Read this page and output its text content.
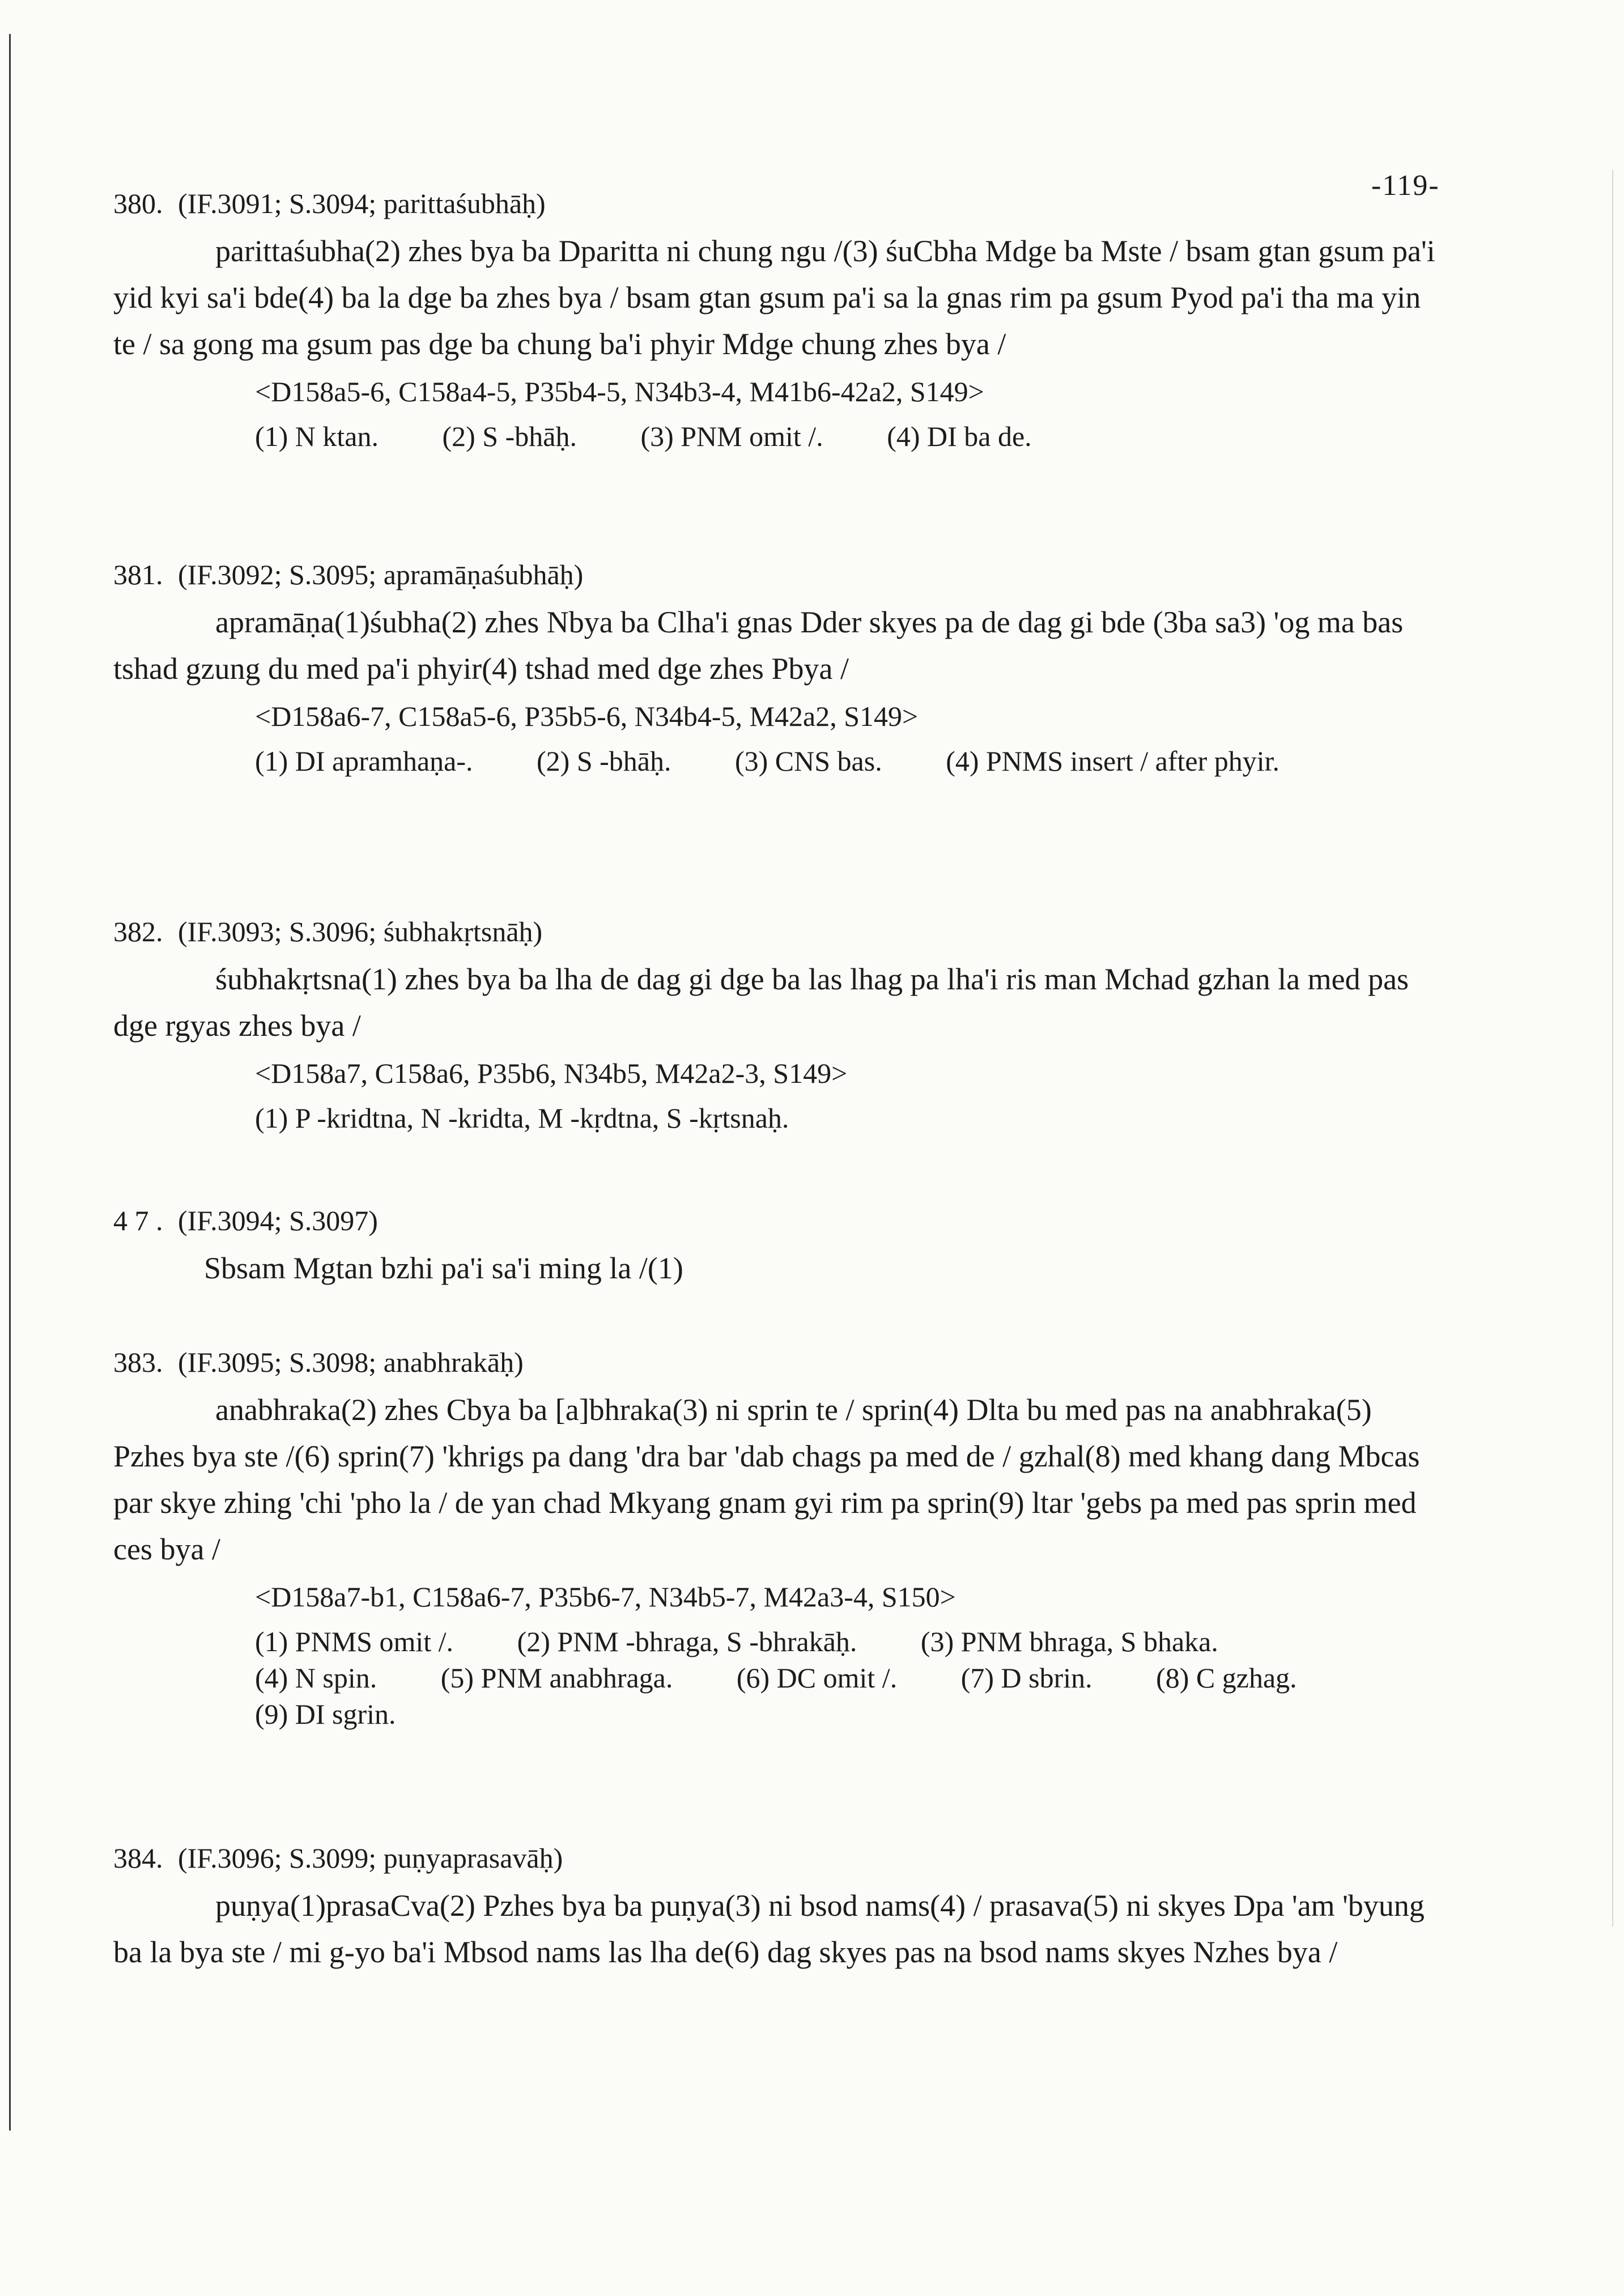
-119-
380. (IF.3091; S.3094; parittaśubhāḥ)

parittaśubha(2) zhes bya ba Dparitta ni chung ngu /(3) śuCbha Mdge ba Mste / bsam gtan gsum pa'i yid kyi sa'i bde(4) ba la dge ba zhes bya / bsam gtan gsum pa'i sa la gnas rim pa gsum Pyod pa'i tha ma yin te / sa gong ma gsum pas dge ba chung ba'i phyir Mdge chung zhes bya /

<D158a5-6, C158a4-5, P35b4-5, N34b3-4, M41b6-42a2, S149>
(1) N ktan. (2) S -bhāḥ. (3) PNM omit /. (4) DI ba de.
381. (IF.3092; S.3095; apramāṇaśubhāḥ)

apramāṇa(1)śubha(2) zhes Nbya ba Clha'i gnas Dder skyes pa de dag gi bde (3ba sa3) 'og ma bas tshad gzung du med pa'i phyir(4) tshad med dge zhes Pbya /

<D158a6-7, C158a5-6, P35b5-6, N34b4-5, M42a2, S149>
(1) DI apramhaṇa-. (2) S -bhāḥ. (3) CNS bas. (4) PNMS insert / after phyir.
382. (IF.3093; S.3096; śubhakṛtsnāḥ)

śubhakṛtsna(1) zhes bya ba lha de dag gi dge ba las lhag pa lha'i ris man Mchad gzhan la med pas dge rgyas zhes bya /

<D158a7, C158a6, P35b6, N34b5, M42a2-3, S149>
(1) P -kridtna, N -kridta, M -kṛdtna, S -kṛtsnaḥ.
4 7 . (IF.3094; S.3097)

Sbsam Mgtan bzhi pa'i sa'i ming la /(1)

383. (IF.3095; S.3098; anabhrakāḥ)

anabhraka(2) zhes Cbya ba [a]bhraka(3) ni sprin te / sprin(4) Dlta bu med pas na anabhraka(5) Pzhes bya ste /(6) sprin(7) 'khrigs pa dang 'dra bar 'dab chags pa med de / gzhal(8) med khang dang Mbcas par skye zhing 'chi 'pho la / de yan chad Mkyang gnam gyi rim pa sprin(9) ltar 'gebs pa med pas sprin med ces bya /

<D158a7-b1, C158a6-7, P35b6-7, N34b5-7, M42a3-4, S150>
(1) PNMS omit /. (2) PNM -bhraga, S -bhrakāḥ. (3) PNM bhraga, S bhaka. (4) N spin. (5) PNM anabhraga. (6) DC omit /. (7) D sbrin. (8) C gzhag. (9) DI sgrin.
384. (IF.3096; S.3099; puṇyaprasavāḥ)

puṇya(1)prasaCva(2) Pzhes bya ba puṇya(3) ni bsod nams(4) / prasava(5) ni skyes Dpa 'am 'byung ba la bya ste / mi g-yo ba'i Mbsod nams las lha de(6) dag skyes pas na bsod nams skyes Nzhes bya /
